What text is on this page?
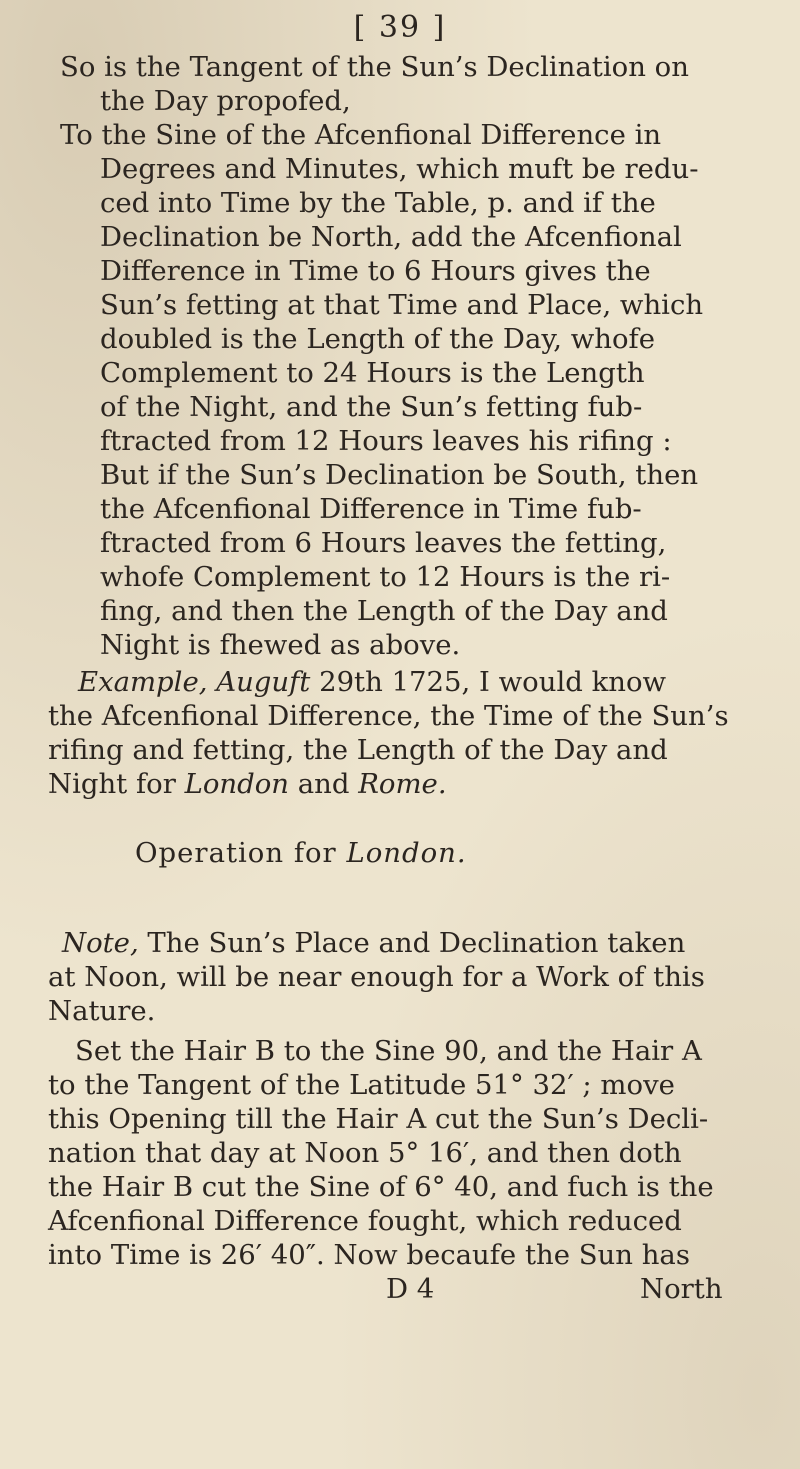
[ 39 ]
So is the Tangent of the Sun’s Declination on
the Day propofed,
To the Sine of the Afcenfional Difference in
Degrees and Minutes, which muft be redu-
ced into Time by the Table, p. and if the
Declination be North, add the Afcenfional
Difference in Time to 6 Hours gives the
Sun’s fetting at that Time and Place, which
doubled is the Length of the Day, whofe
Complement to 24 Hours is the Length
of the Night, and the Sun’s fetting fub-
ftracted from 12 Hours leaves his rifing :
But if the Sun’s Declination be South, then
the Afcenfional Difference in Time fub-
ftracted from 6 Hours leaves the fetting,
whofe Complement to 12 Hours is the ri-
fing, and then the Length of the Day and
Night is fhewed as above.
Example, Auguft 29th 1725, I would know
the Afcenfional Difference, the Time of the Sun’s
rifing and fetting, the Length of the Day and
Night for London and Rome.
Operation for London.
Note, The Sun’s Place and Declination taken
at Noon, will be near enough for a Work of this
Nature.
Set the Hair B to the Sine 90, and the Hair A
to the Tangent of the Latitude 51° 32′ ; move
this Opening till the Hair A cut the Sun’s Decli-
nation that day at Noon 5° 16′, and then doth
the Hair B cut the Sine of 6° 40, and fuch is the
Afcenfional Difference fought, which reduced
into Time is 26′ 40″. Now becaufe the Sun has
D 4	North
